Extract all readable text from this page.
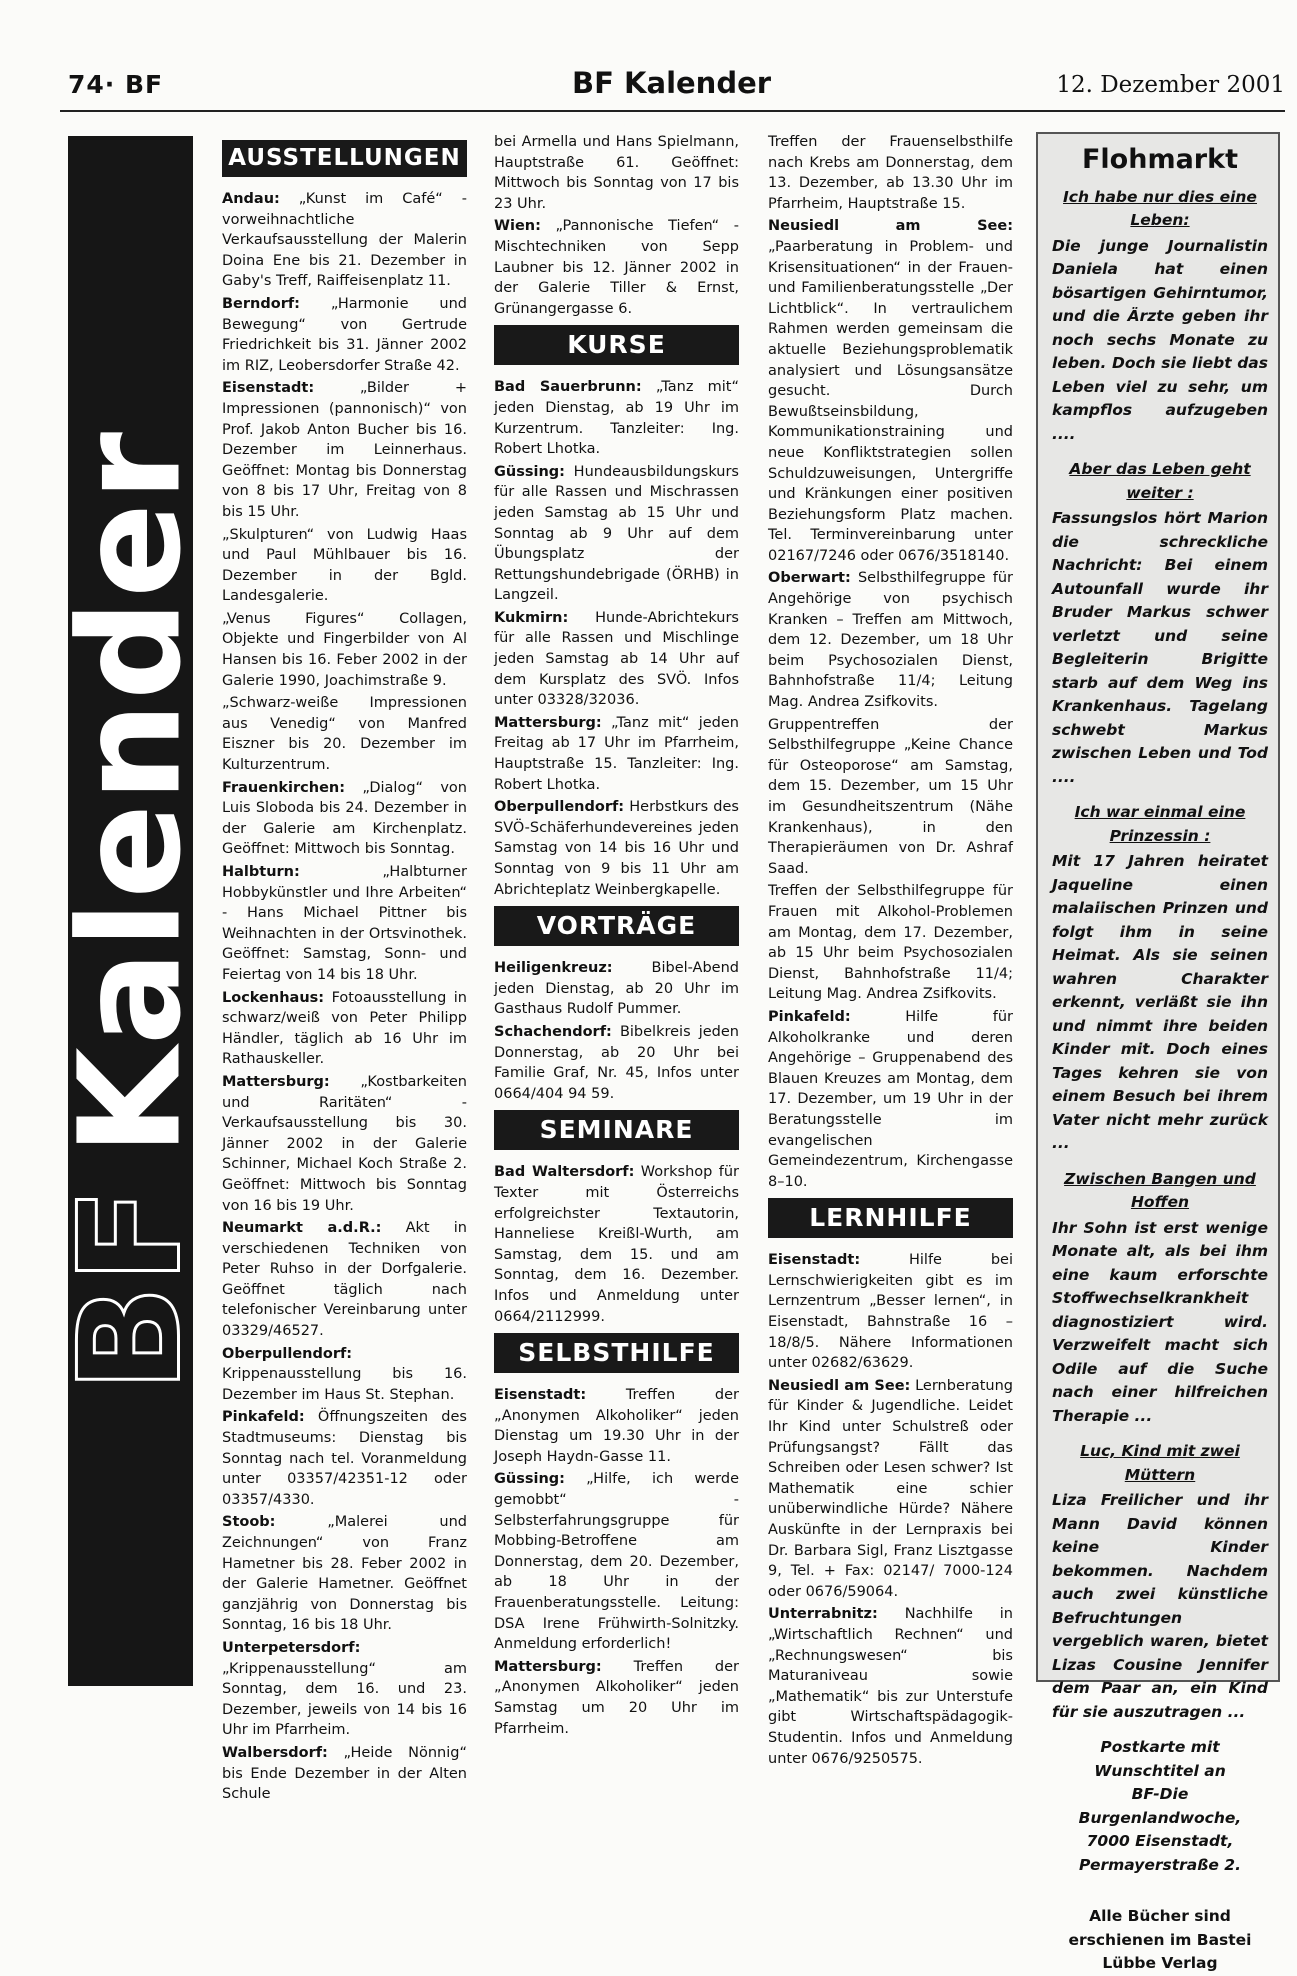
74· BF	BF Kalender	12. Dezember 2001
BFKalender
AUSSTELLUNGEN

Andau: „Kunst im Café“ - vorweihnachtliche Verkaufsausstellung der Malerin Doina Ene bis 21. Dezember in Gaby's Treff, Raiffeisenplatz 11.

Berndorf: „Harmonie und Bewegung“ von Gertrude Friedrichkeit bis 31. Jänner 2002 im RIZ, Leobersdorfer Straße 42.

Eisenstadt: „Bilder + Impressionen (pannonisch)“ von Prof. Jakob Anton Bucher bis 16. Dezember im Leinnerhaus. Geöffnet: Montag bis Donnerstag von 8 bis 17 Uhr, Freitag von 8 bis 15 Uhr.

„Skulpturen“ von Ludwig Haas und Paul Mühlbauer bis 16. Dezember in der Bgld. Landesgalerie.

„Venus Figures“ Collagen, Objekte und Fingerbilder von Al Hansen bis 16. Feber 2002 in der Galerie 1990, Joachimstraße 9.

„Schwarz-weiße Impressionen aus Venedig“ von Manfred Eiszner bis 20. Dezember im Kulturzentrum.

Frauenkirchen: „Dialog“ von Luis Sloboda bis 24. Dezember in der Galerie am Kirchenplatz. Geöffnet: Mittwoch bis Sonntag.

Halbturn: „Halbturner Hobbykünstler und Ihre Arbeiten“ - Hans Michael Pittner bis Weihnachten in der Ortsvinothek. Geöffnet: Samstag, Sonn- und Feiertag von 14 bis 18 Uhr.

Lockenhaus: Fotoausstellung in schwarz/weiß von Peter Philipp Händler, täglich ab 16 Uhr im Rathauskeller.

Mattersburg: „Kostbarkeiten und Raritäten“ - Verkaufsausstellung bis 30. Jänner 2002 in der Galerie Schinner, Michael Koch Straße 2. Geöffnet: Mittwoch bis Sonntag von 16 bis 19 Uhr.

Neumarkt a.d.R.: Akt in verschiedenen Techniken von Peter Ruhso in der Dorfgalerie. Geöffnet täglich nach telefonischer Vereinbarung unter 03329/46527.

Oberpullendorf: Krippenausstellung bis 16. Dezember im Haus St. Stephan.

Pinkafeld: Öffnungszeiten des Stadtmuseums: Dienstag bis Sonntag nach tel. Voranmeldung unter 03357/42351-12 oder 03357/4330.

Stoob: „Malerei und Zeichnungen“ von Franz Hametner bis 28. Feber 2002 in der Galerie Hametner. Geöffnet ganzjährig von Donnerstag bis Sonntag, 16 bis 18 Uhr.

Unterpetersdorf: „Krippenausstellung“ am Sonntag, dem 16. und 23. Dezember, jeweils von 14 bis 16 Uhr im Pfarrheim.

Walbersdorf: „Heide Nönnig“ bis Ende Dezember in der Alten Schule

bei Armella und Hans Spielmann, Hauptstraße 61. Geöffnet: Mittwoch bis Sonntag von 17 bis 23 Uhr.

Wien: „Pannonische Tiefen“ - Mischtechniken von Sepp Laubner bis 12. Jänner 2002 in der Galerie Tiller & Ernst, Grünangergasse 6.

KURSE

Bad Sauerbrunn: „Tanz mit“ jeden Dienstag, ab 19 Uhr im Kurzentrum. Tanzleiter: Ing. Robert Lhotka.

Güssing: Hundeausbildungskurs für alle Rassen und Mischrassen jeden Samstag ab 15 Uhr und Sonntag ab 9 Uhr auf dem Übungsplatz der Rettungshundebrigade (ÖRHB) in Langzeil.

Kukmirn: Hunde-Abrichtekurs für alle Rassen und Mischlinge jeden Samstag ab 14 Uhr auf dem Kursplatz des SVÖ. Infos unter 03328/32036.

Mattersburg: „Tanz mit“ jeden Freitag ab 17 Uhr im Pfarrheim, Hauptstraße 15. Tanzleiter: Ing. Robert Lhotka.

Oberpullendorf: Herbstkurs des SVÖ-Schäferhundevereines jeden Samstag von 14 bis 16 Uhr und Sonntag von 9 bis 11 Uhr am Abrichteplatz Weinbergkapelle.

VORTRÄGE

Heiligenkreuz: Bibel-Abend jeden Dienstag, ab 20 Uhr im Gasthaus Rudolf Pummer.

Schachendorf: Bibelkreis jeden Donnerstag, ab 20 Uhr bei Familie Graf, Nr. 45, Infos unter 0664/404 94 59.

SEMINARE

Bad Waltersdorf: Workshop für Texter mit Österreichs erfolgreichster Textautorin, Hanneliese Kreißl-Wurth, am Samstag, dem 15. und am Sonntag, dem 16. Dezember. Infos und Anmeldung unter 0664/2112999.

SELBSTHILFE

Eisenstadt: Treffen der „Anonymen Alkoholiker“ jeden Dienstag um 19.30 Uhr in der Joseph Haydn-Gasse 11.

Güssing: „Hilfe, ich werde gemobbt“ - Selbsterfahrungsgruppe für Mobbing-Betroffene am Donnerstag, dem 20. Dezember, ab 18 Uhr in der Frauenberatungsstelle. Leitung: DSA Irene Frühwirth-Solnitzky. Anmeldung erforderlich!

Mattersburg: Treffen der „Anonymen Alkoholiker“ jeden Samstag um 20 Uhr im Pfarrheim.

Treffen der Frauenselbsthilfe nach Krebs am Donnerstag, dem 13. Dezember, ab 13.30 Uhr im Pfarrheim, Hauptstraße 15.

Neusiedl am See: „Paarberatung in Problem- und Krisensituationen“ in der Frauen- und Familienberatungsstelle „Der Lichtblick“. In vertraulichem Rahmen werden gemeinsam die aktuelle Beziehungsproblematik analysiert und Lösungsansätze gesucht. Durch Bewußtseinsbildung, Kommunikationstraining und neue Konfliktstrategien sollen Schuldzuweisungen, Untergriffe und Kränkungen einer positiven Beziehungsform Platz machen. Tel. Terminvereinbarung unter 02167/7246 oder 0676/3518140.

Oberwart: Selbsthilfegruppe für Angehörige von psychisch Kranken – Treffen am Mittwoch, dem 12. Dezember, um 18 Uhr beim Psychosozialen Dienst, Bahnhofstraße 11/4; Leitung Mag. Andrea Zsifkovits.

Gruppentreffen der Selbsthilfegruppe „Keine Chance für Osteoporose“ am Samstag, dem 15. Dezember, um 15 Uhr im Gesundheitszentrum (Nähe Krankenhaus), in den Therapieräumen von Dr. Ashraf Saad.

Treffen der Selbsthilfegruppe für Frauen mit Alkohol-Problemen am Montag, dem 17. Dezember, ab 15 Uhr beim Psychosozialen Dienst, Bahnhofstraße 11/4; Leitung Mag. Andrea Zsifkovits.

Pinkafeld: Hilfe für Alkoholkranke und deren Angehörige – Gruppenabend des Blauen Kreuzes am Montag, dem 17. Dezember, um 19 Uhr in der Beratungsstelle im evangelischen Gemeindezentrum, Kirchengasse 8–10.

LERNHILFE

Eisenstadt: Hilfe bei Lernschwierigkeiten gibt es im Lernzentrum „Besser lernen“, in Eisenstadt, Bahnstraße 16 – 18/8/5. Nähere Informationen unter 02682/63629.

Neusiedl am See: Lernberatung für Kinder & Jugendliche. Leidet Ihr Kind unter Schulstreß oder Prüfungsangst? Fällt das Schreiben oder Lesen schwer? Ist Mathematik eine schier unüberwindliche Hürde? Nähere Auskünfte in der Lernpraxis bei Dr. Barbara Sigl, Franz Lisztgasse 9, Tel. + Fax: 02147/ 7000-124 oder 0676/59064.

Unterrabnitz: Nachhilfe in „Wirtschaftlich Rechnen“ und „Rechnungswesen“ bis Maturaniveau sowie „Mathematik“ bis zur Unterstufe gibt Wirtschaftspädagogik-Studentin. Infos und Anmeldung unter 0676/9250575.

Flohmarkt
Ich habe nur dies eine Leben:
Die junge Journalistin Daniela hat einen bösartigen Gehirntumor, und die Ärzte geben ihr noch sechs Monate zu leben. Doch sie liebt das Leben viel zu sehr, um kampflos aufzugeben ....
Aber das Leben geht weiter :
Fassungslos hört Marion die schreckliche Nachricht: Bei einem Autounfall wurde ihr Bruder Markus schwer verletzt und seine Begleiterin Brigitte starb auf dem Weg ins Krankenhaus. Tagelang schwebt Markus zwischen Leben und Tod ....
Ich war einmal eine Prinzessin :
Mit 17 Jahren heiratet Jaqueline einen malaiischen Prinzen und folgt ihm in seine Heimat. Als sie seinen wahren Charakter erkennt, verläßt sie ihn und nimmt ihre beiden Kinder mit. Doch eines Tages kehren sie von einem Besuch bei ihrem Vater nicht mehr zurück ...
Zwischen Bangen und Hoffen
Ihr Sohn ist erst wenige Monate alt, als bei ihm eine kaum erforschte Stoffwechselkrankheit diagnostiziert wird. Verzweifelt macht sich Odile auf die Suche nach einer hilfreichen Therapie ...
Luc, Kind mit zwei Müttern
Liza Freilicher und ihr Mann David können keine Kinder bekommen. Nachdem auch zwei künstliche Befruchtungen vergeblich waren, bietet Lizas Cousine Jennifer dem Paar an, ein Kind für sie auszutragen ...
Postkarte mit Wunschtitel an
BF-Die Burgenlandwoche,
7000 Eisenstadt,
Permayerstraße 2.
Alle Bücher sind
erschienen im Bastei
Lübbe Verlag
